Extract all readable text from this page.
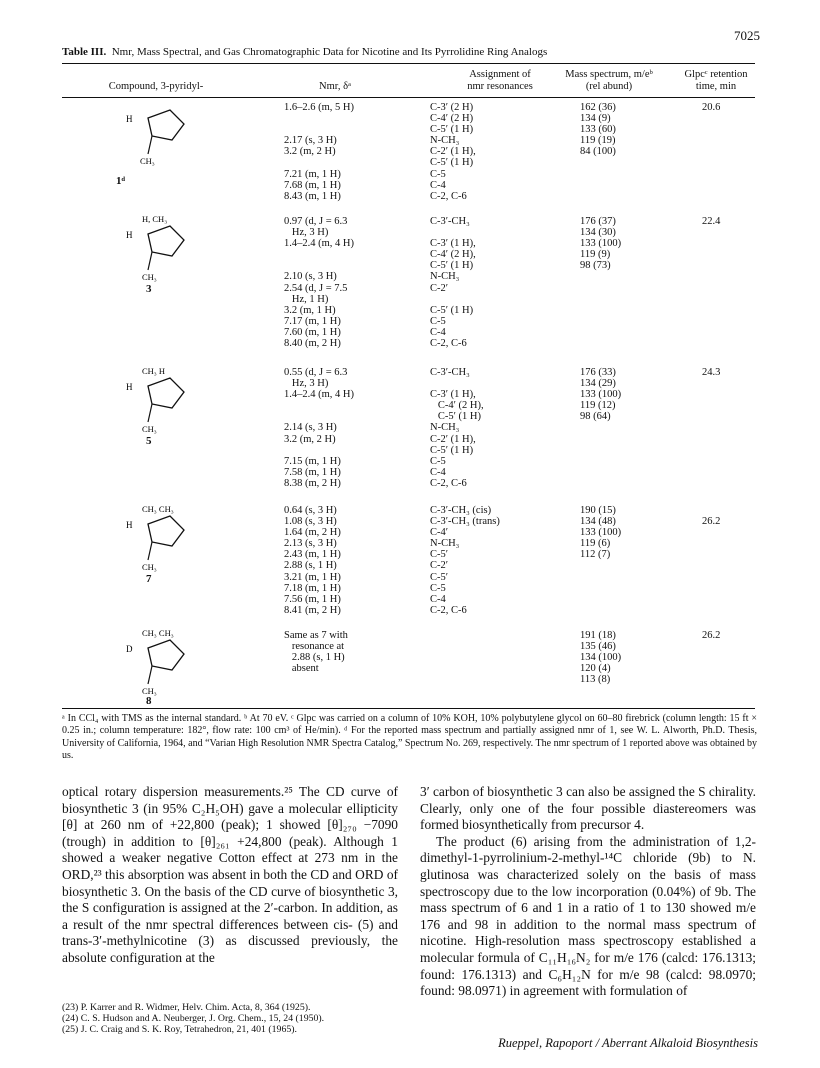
7025
Table III. Nmr, Mass Spectral, and Gas Chromatographic Data for Nicotine and Its Pyrrolidine Ring Analogs
Compound, 3-pyridyl-	Nmr, δᵃ
Assignment of
nmr resonances
Mass spectrum, m/eᵇ
(rel abund)
Glpcᶜ retention
time, min
1.6–2.6 (m, 5 H)

2.17 (s, 3 H)
3.2 (m, 2 H)

7.21 (m, 1 H)
7.68 (m, 1 H)
8.43 (m, 1 H)
C-3′ (2 H)
C-4′ (2 H)
C-5′ (1 H)
N-CH₃
C-2′ (1 H),
C-5′ (1 H)
C-5
C-4
C-2, C-6
162 (36)
134 (9)
133 (60)
119 (19)
84 (100)
20.6
0.97 (d, J = 6.3
Hz, 3 H)
1.4–2.4 (m, 4 H)

2.10 (s, 3 H)
2.54 (d, J = 7.5
Hz, 1 H)
3.2 (m, 1 H)
7.17 (m, 1 H)
7.60 (m, 1 H)
8.40 (m, 2 H)
C-3′-CH₃

C-3′ (1 H),
C-4′ (2 H),
C-5′ (1 H)
N-CH₃
C-2′

C-5′ (1 H)
C-5
C-4
C-2, C-6
176 (37)
134 (30)
133 (100)
119 (9)
98 (73)
22.4
0.55 (d, J = 6.3
Hz, 3 H)
1.4–2.4 (m, 4 H)

2.14 (s, 3 H)
3.2 (m, 2 H)

7.15 (m, 1 H)
7.58 (m, 1 H)
8.38 (m, 2 H)
C-3′-CH₃

C-3′ (1 H),
C-4′ (2 H),
C-5′ (1 H)
N-CH₃
C-2′ (1 H),
C-5′ (1 H)
C-5
C-4
C-2, C-6
176 (33)
134 (29)
133 (100)
119 (12)
98 (64)
24.3
0.64 (s, 3 H)
1.08 (s, 3 H)
1.64 (m, 2 H)
2.13 (s, 3 H)
2.43 (m, 1 H)
2.88 (s, 1 H)
3.21 (m, 1 H)
7.18 (m, 1 H)
7.56 (m, 1 H)
8.41 (m, 2 H)
C-3′-CH₃ (cis)
C-3′-CH₃ (trans)
C-4′
N-CH₃
C-5′
C-2′
C-5′
C-5
C-4
C-2, C-6
190 (15)
134 (48)
133 (100)
119 (6)
112 (7)
26.2
Same as 7 with
resonance at
2.88 (s, 1 H)
absent
191 (18)
135 (46)
134 (100)
120 (4)
113 (8)
26.2
H
CH₃
1ᵈ
H, CH₃
H
CH₃
3
CH₃ H
H
CH₃
5
CH₃ CH₃
H
CH₃
7
CH₃ CH₃
D
CH₃
8
ᵃ In CCl₄ with TMS as the internal standard. ᵇ At 70 eV. ᶜ Glpc was carried on a column of 10% KOH, 10% polybutylene glycol on 60–80 firebrick (column length: 15 ft × 0.25 in.; column temperature: 182°, flow rate: 100 cm³ of He/min). ᵈ For the reported mass spectrum and partially assigned nmr of 1, see W. L. Alworth, Ph.D. Thesis, University of California, 1964, and “Varian High Resolution NMR Spectra Catalog,” Spectrum No. 269, respectively. The nmr spectrum of 1 reported above was obtained by us.

optical rotary dispersion measurements.²⁵ The CD curve of biosynthetic 3 (in 95% C₂H₅OH) gave a molecular ellipticity [θ] at 260 nm of +22,800 (peak); 1 showed [θ]₂₇₀ −7090 (trough) in addition to [θ]₂₆₁ +24,800 (peak). Although 1 showed a weaker negative Cotton effect at 273 nm in the ORD,²³ this absorption was absent in both the CD and ORD of biosynthetic 3. On the basis of the CD curve of biosynthetic 3, the S configuration is assigned at the 2′-carbon. In addition, as a result of the nmr spectral differences between cis- (5) and trans-3′-methylnicotine (3) as discussed previously, the absolute configuration at the

(23) P. Karrer and R. Widmer, Helv. Chim. Acta, 8, 364 (1925).
(24) C. S. Hudson and A. Neuberger, J. Org. Chem., 15, 24 (1950).
(25) J. C. Craig and S. K. Roy, Tetrahedron, 21, 401 (1965).

3′ carbon of biosynthetic 3 can also be assigned the S chirality. Clearly, only one of the four possible diastereomers was formed biosynthetically from precursor 4.

The product (6) arising from the administration of 1,2-dimethyl-1-pyrrolinium-2-methyl-¹⁴C chloride (9b) to N. glutinosa was characterized solely on the basis of mass spectroscopy due to the low incorporation (0.04%) of 9b. The mass spectrum of 6 and 1 in a ratio of 1 to 130 showed m/e 176 and 98 in addition to the normal mass spectrum of nicotine. High-resolution mass spectroscopy established a molecular formula of C₁₁H₁₆N₂ for m/e 176 (calcd: 176.1313; found: 176.1313) and C₆H₁₂N for m/e 98 (calcd: 98.0970; found: 98.0971) in agreement with formulation of

Rueppel, Rapoport / Aberrant Alkaloid Biosynthesis
